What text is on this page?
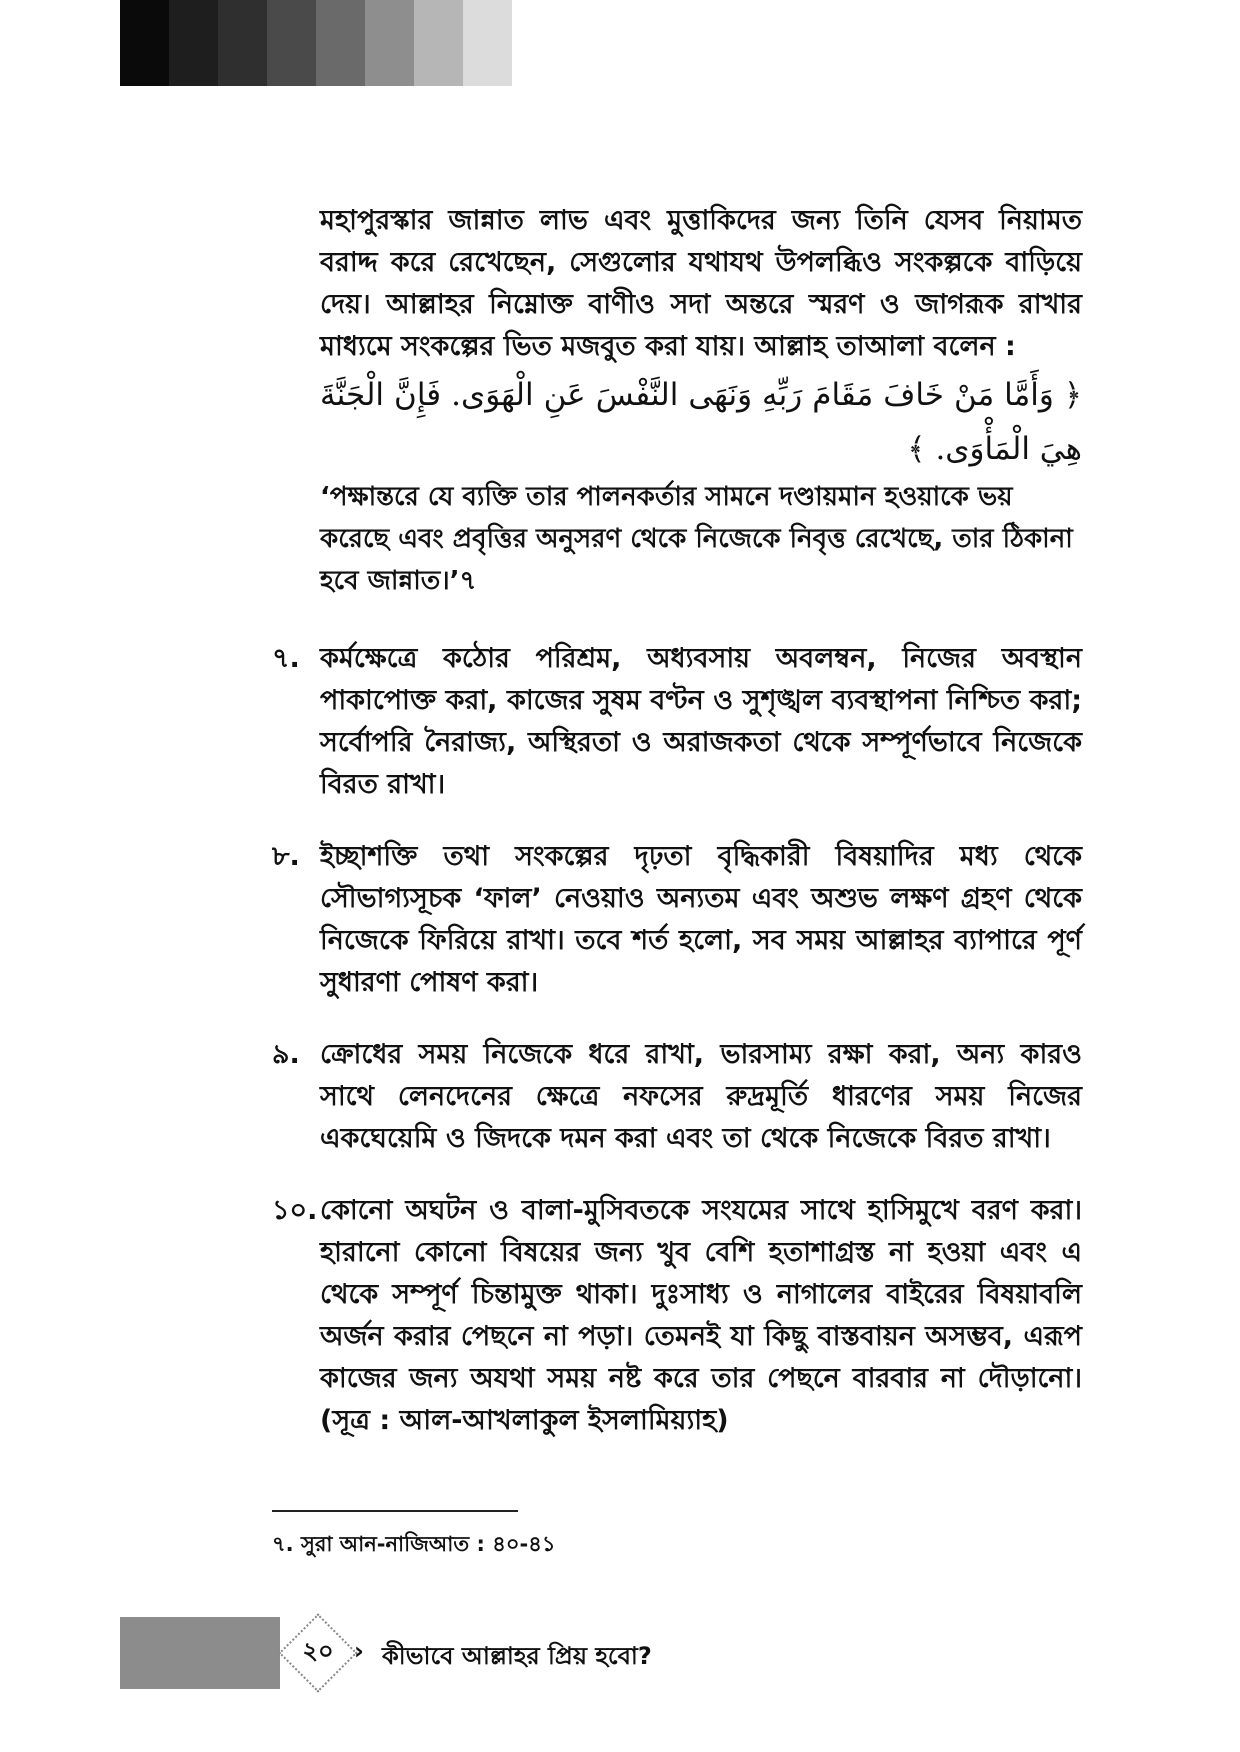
মহাপুরস্কার জান্নাত লাভ এবং মুত্তাকিদের জন্য তিনি যেসব নিয়ামত বরাদ্দ করে রেখেছেন, সেগুলোর যথাযথ উপলব্ধিও সংকল্পকে বাড়িয়ে দেয়। আল্লাহর নিম্নোক্ত বাণীও সদা অন্তরে স্মরণ ও জাগরূক রাখার মাধ্যমে সংকল্পের ভিত মজবুত করা যায়। আল্লাহ তাআলা বলেন :

﴿ وَأَمَّا مَنْ خَافَ مَقَامَ رَبِّهِ وَنَهَى النَّفْسَ عَنِ الْهَوَى. فَإِنَّ الْجَنَّةَ هِيَ الْمَأْوَى. ﴾

‘পক্ষান্তরে যে ব্যক্তি তার পালনকর্তার সামনে দণ্ডায়মান হওয়াকে ভয় করেছে এবং প্রবৃত্তির অনুসরণ থেকে নিজেকে নিবৃত্ত রেখেছে, তার ঠিকানা হবে জান্নাত।’৭

৭. কর্মক্ষেত্রে কঠোর পরিশ্রম, অধ্যবসায় অবলম্বন, নিজের অবস্থান পাকাপোক্ত করা, কাজের সুষম বণ্টন ও সুশৃঙ্খল ব্যবস্থাপনা নিশ্চিত করা; সর্বোপরি নৈরাজ্য, অস্থিরতা ও অরাজকতা থেকে সম্পূর্ণভাবে নিজেকে বিরত রাখা।
৮. ইচ্ছাশক্তি তথা সংকল্পের দৃঢ়তা বৃদ্ধিকারী বিষয়াদির মধ্য থেকে সৌভাগ্যসূচক ‘ফাল’ নেওয়াও অন্যতম এবং অশুভ লক্ষণ গ্রহণ থেকে নিজেকে ফিরিয়ে রাখা। তবে শর্ত হলো, সব সময় আল্লাহর ব্যাপারে পূর্ণ সুধারণা পোষণ করা।
৯. ক্রোধের সময় নিজেকে ধরে রাখা, ভারসাম্য রক্ষা করা, অন্য কারও সাথে লেনদেনের ক্ষেত্রে নফসের রুদ্রমূর্তি ধারণের সময় নিজের একঘেয়েমি ও জিদকে দমন করা এবং তা থেকে নিজেকে বিরত রাখা।
১০. কোনো অঘটন ও বালা-মুসিবতকে সংযমের সাথে হাসিমুখে বরণ করা। হারানো কোনো বিষয়ের জন্য খুব বেশি হতাশাগ্রস্ত না হওয়া এবং এ থেকে সম্পূর্ণ চিন্তামুক্ত থাকা। দুঃসাধ্য ও নাগালের বাইরের বিষয়াবলি অর্জন করার পেছনে না পড়া। তেমনই যা কিছু বাস্তবায়ন অসম্ভব, এরূপ কাজের জন্য অযথা সময় নষ্ট করে তার পেছনে বারবার না দৌড়ানো। (সূত্র : আল-আখলাকুল ইসলামিয়্যাহ)
৭. সুরা আন-নাজিআত : ৪০-৪১
২০ › কীভাবে আল্লাহর প্রিয় হবো?
